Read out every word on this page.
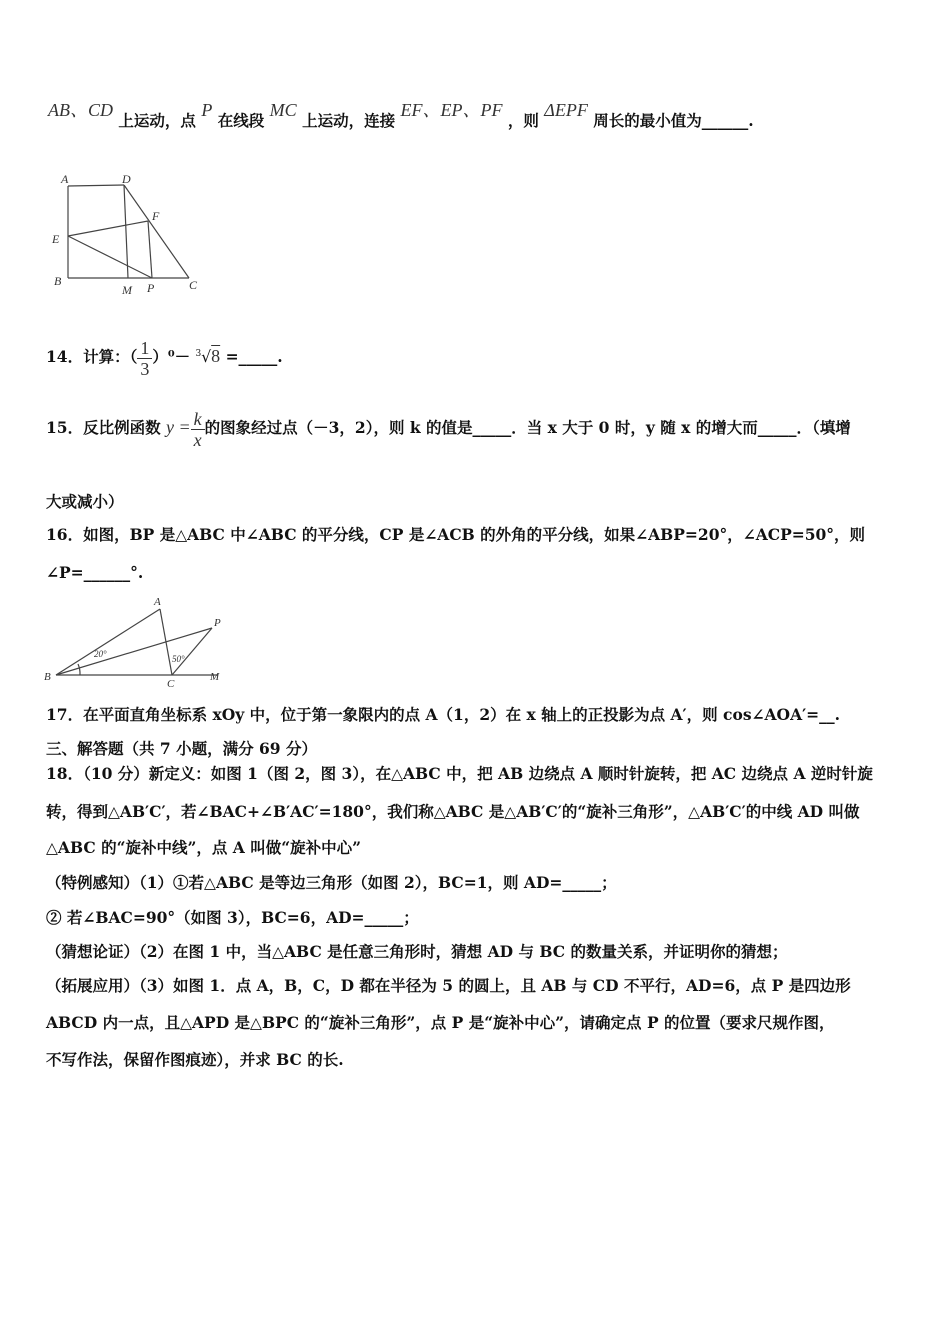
AB、CD 上运动，点 P 在线段 MC 上运动，连接 EF、EP、PF ，则 ΔEPF 周长的最小值为______.
A	D
F
E
B
M P	C
14．计算：（ $\frac{1}{3} )^0- ^3√8$ =_____.
15．反比例函数 $y = \frac{k}{x}$ 的图象经过点（－3，2），则 k 的值是_____．当 x 大于 0 时，y 随 x 的增大而_____．（填增
大或减小）
16．如图，BP 是△ABC 中∠ABC 的平分线，CP 是∠ACB 的外角的平分线，如果∠ABP=20°，∠ACP=50°，则
∠P=______°.
A
P
B
C
M
20°	50°
17．在平面直角坐标系 xOy 中，位于第一象限内的点 A（1，2）在 x 轴上的正投影为点 A′，则 cos∠AOA′=__.
三、解答题（共 7 小题，满分 69 分）
18．（10 分）新定义：如图 1（图 2，图 3），在△ABC 中，把 AB 边绕点 A 顺时针旋转，把 AC 边绕点 A 逆时针旋
转，得到△AB′C′，若∠BAC+∠B′AC′=180°，我们称△ABC 是△AB′C′的“旋补三角形”，△AB′C′的中线 AD 叫做
△ABC 的“旋补中线”，点 A 叫做“旋补中心”
（特例感知）（1）①若△ABC 是等边三角形（如图 2），BC=1，则 AD=_____；
② 若∠BAC=90°（如图 3），BC=6，AD=_____；
（猜想论证）（2）在图 1 中，当△ABC 是任意三角形时，猜想 AD 与 BC 的数量关系，并证明你的猜想；
（拓展应用）（3）如图 1．点 A，B，C，D 都在半径为 5 的圆上，且 AB 与 CD 不平行，AD=6，点 P 是四边形
ABCD 内一点，且△APD 是△BPC 的“旋补三角形”，点 P 是“旋补中心”，请确定点 P 的位置（要求尺规作图，
不写作法，保留作图痕迹），并求 BC 的长.
